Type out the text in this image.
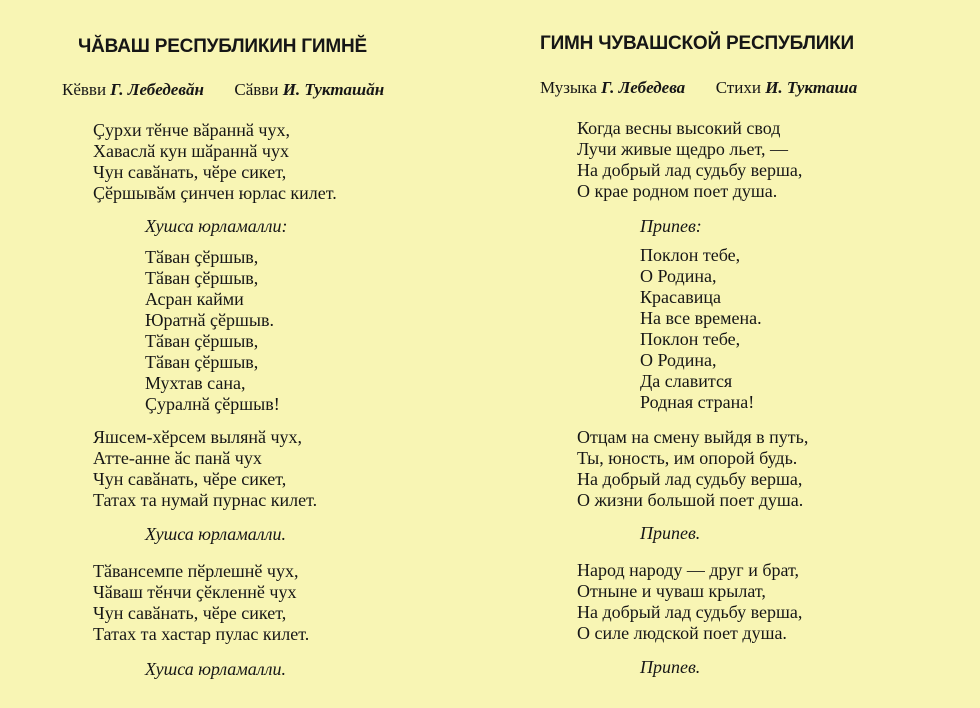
ЧӐВАШ РЕСПУБЛИКИН ГИМНӖ
Кӗвви Г. Лебедевӑн Сӑвви И. Тукташӑн
Ҫурхи тӗнче вӑраннӑ чух,
Хаваслӑ кун шӑраннӑ чух
Чун савӑнать, чӗре сикет,
Ҫӗршывӑм ҫинчен юрлас килет.
Хушса юрламалли:
Тӑван ҫӗршыв,
Тӑван ҫӗршыв,
Асран кайми
Юратнӑ ҫӗршыв.
Тӑван ҫӗршыв,
Тӑван ҫӗршыв,
Мухтав сана,
Ҫуралнӑ ҫӗршыв!
Яшсем-хӗрсем вылянӑ чух,
Атте-анне ӑс панӑ чух
Чун савӑнать, чӗре сикет,
Татах та нумай пурнас килет.
Хушса юрламалли.
Тӑвансемпе пӗрлешнӗ чух,
Чӑваш тӗнчи ҫӗкленнӗ чух
Чун савӑнать, чӗре сикет,
Татах та хастар пулас килет.
Хушса юрламалли.
ГИМН ЧУВАШСКОЙ РЕСПУБЛИКИ
Музыка Г. Лебедева Стихи И. Тукташа
Когда весны высокий свод
Лучи живые щедро льет, —
На добрый лад судьбу верша,
О крае родном поет душа.
Припев:
Поклон тебе,
О Родина,
Красавица
На все времена.
Поклон тебе,
О Родина,
Да славится
Родная страна!
Отцам на смену выйдя в путь,
Ты, юность, им опорой будь.
На добрый лад судьбу верша,
О жизни большой поет душа.
Припев.
Народ народу — друг и брат,
Отныне и чуваш крылат,
На добрый лад судьбу верша,
О силе людской поет душа.
Припев.
